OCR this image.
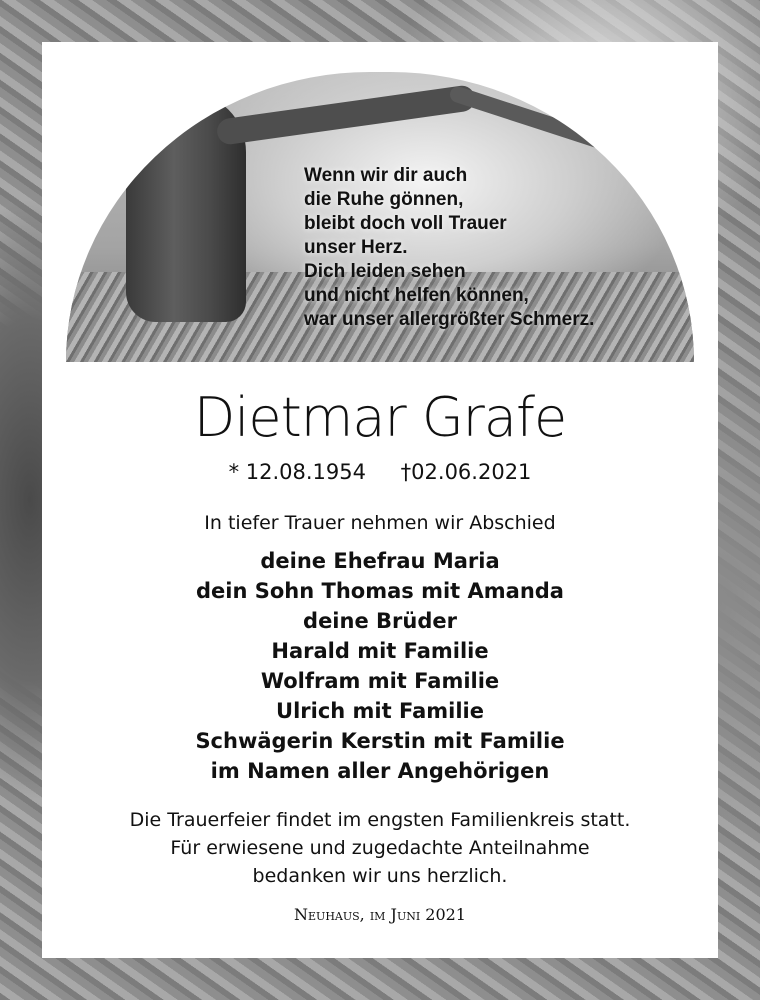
Wenn wir dir auch
die Ruhe gönnen,
bleibt doch voll Trauer
unser Herz.
Dich leiden sehen
und nicht helfen können,
war unser allergrößter Schmerz.
Dietmar Grafe
* 12.08.1954 †02.06.2021
In tiefer Trauer nehmen wir Abschied
deine Ehefrau Maria
dein Sohn Thomas mit Amanda
deine Brüder
Harald mit Familie
Wolfram mit Familie
Ulrich mit Familie
Schwägerin Kerstin mit Familie
im Namen aller Angehörigen
Die Trauerfeier findet im engsten Familienkreis statt.
Für erwiesene und zugedachte Anteilnahme
bedanken wir uns herzlich.
Neuhaus, im Juni 2021
